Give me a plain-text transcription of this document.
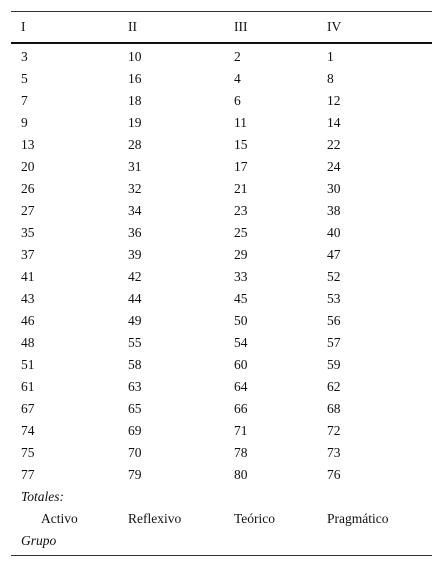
I	II	III	IV
3	10	2	1
5	16	4	8
7	18	6	12
9	19	11	14
13	28	15	22
20	31	17	24
26	32	21	30
27	34	23	38
35	36	25	40
37	39	29	47
41	42	33	52
43	44	45	53
46	49	50	56
48	55	54	57
51	58	60	59
61	63	64	62
67	65	66	68
74	69	71	72
75	70	78	73
77	79	80	76
Totales:
Activo	Reflexivo	Teórico	Pragmático
Grupo
